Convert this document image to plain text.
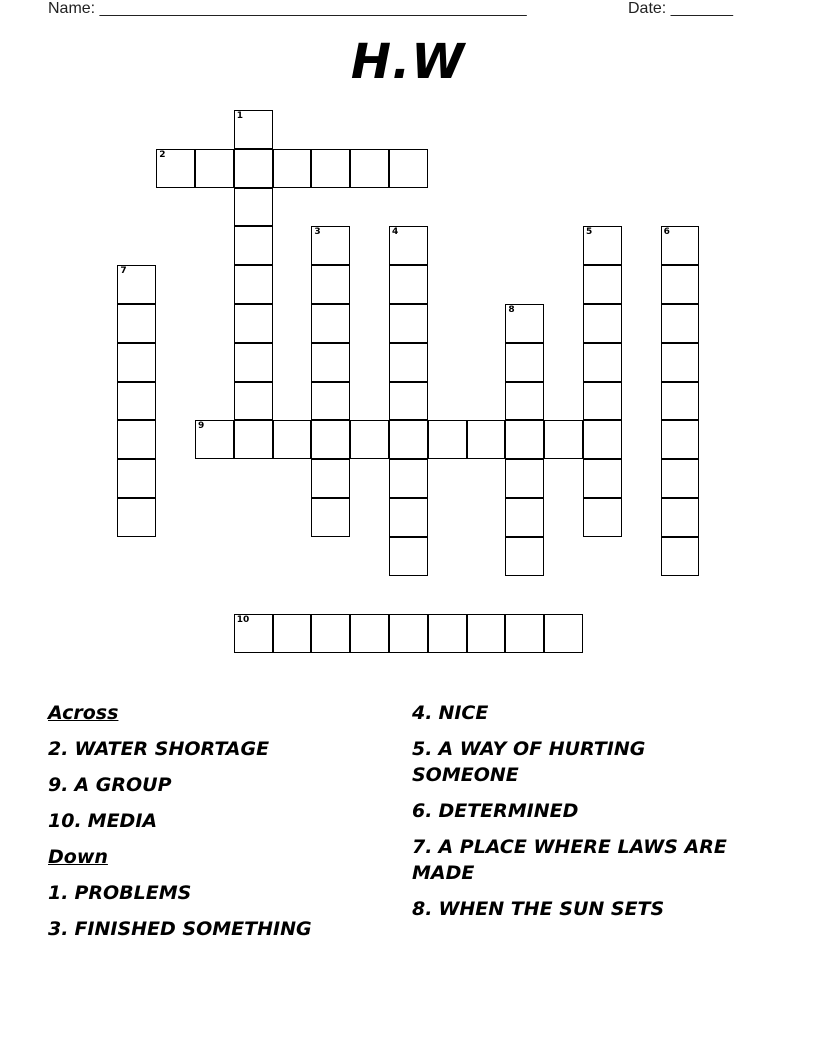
Name: ________________________________________________	Date: _______
H.W
1
2
3	4	5	6
7
8
9
10
Across
2. WATER SHORTAGE
9. A GROUP
10. MEDIA
Down
1. PROBLEMS
3. FINISHED SOMETHING
4. NICE
5. A WAY OF HURTING SOMEONE
6. DETERMINED
7. A PLACE WHERE LAWS ARE MADE
8. WHEN THE SUN SETS
